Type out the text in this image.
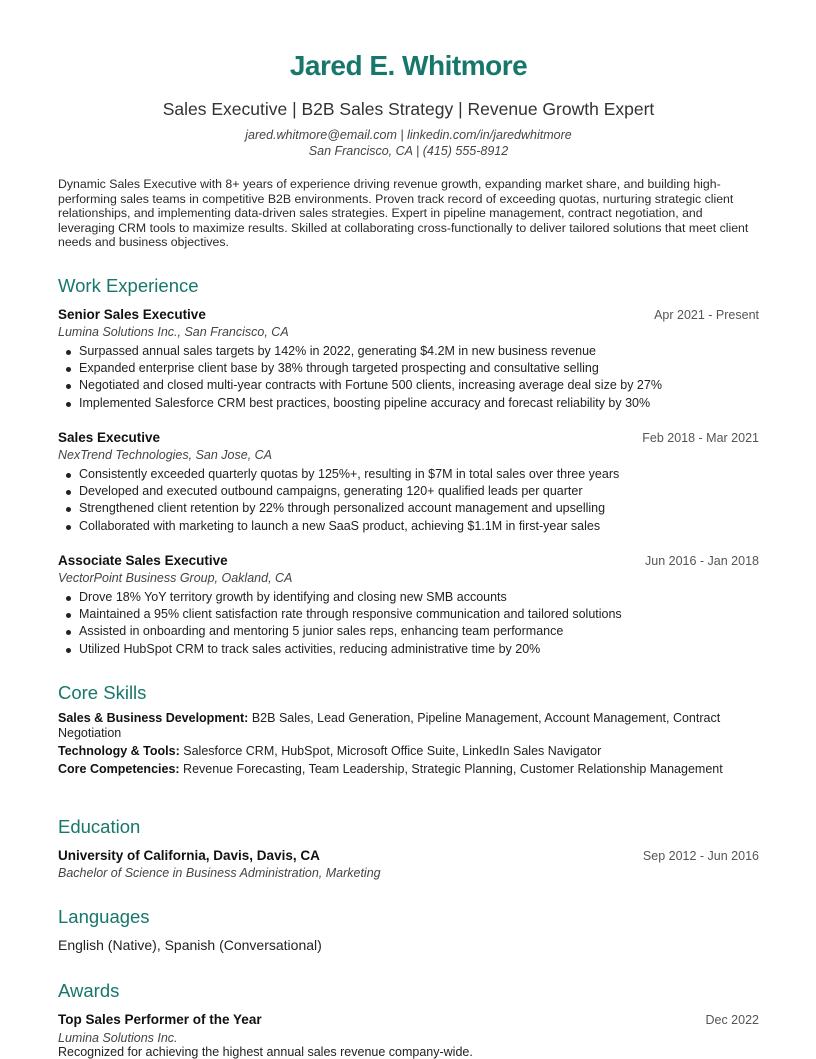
Jared E. Whitmore
Sales Executive | B2B Sales Strategy | Revenue Growth Expert
jared.whitmore@email.com | linkedin.com/in/jaredwhitmore
San Francisco, CA | (415) 555-8912
Dynamic Sales Executive with 8+ years of experience driving revenue growth, expanding market share, and building high-performing sales teams in competitive B2B environments. Proven track record of exceeding quotas, nurturing strategic client relationships, and implementing data-driven sales strategies. Expert in pipeline management, contract negotiation, and leveraging CRM tools to maximize results. Skilled at collaborating cross-functionally to deliver tailored solutions that meet client needs and business objectives.
Work Experience
Senior Sales Executive	Apr 2021 - Present
Lumina Solutions Inc., San Francisco, CA
Surpassed annual sales targets by 142% in 2022, generating $4.2M in new business revenue
Expanded enterprise client base by 38% through targeted prospecting and consultative selling
Negotiated and closed multi-year contracts with Fortune 500 clients, increasing average deal size by 27%
Implemented Salesforce CRM best practices, boosting pipeline accuracy and forecast reliability by 30%
Sales Executive	Feb 2018 - Mar 2021
NexTrend Technologies, San Jose, CA
Consistently exceeded quarterly quotas by 125%+, resulting in $7M in total sales over three years
Developed and executed outbound campaigns, generating 120+ qualified leads per quarter
Strengthened client retention by 22% through personalized account management and upselling
Collaborated with marketing to launch a new SaaS product, achieving $1.1M in first-year sales
Associate Sales Executive	Jun 2016 - Jan 2018
VectorPoint Business Group, Oakland, CA
Drove 18% YoY territory growth by identifying and closing new SMB accounts
Maintained a 95% client satisfaction rate through responsive communication and tailored solutions
Assisted in onboarding and mentoring 5 junior sales reps, enhancing team performance
Utilized HubSpot CRM to track sales activities, reducing administrative time by 20%
Core Skills
Sales & Business Development: B2B Sales, Lead Generation, Pipeline Management, Account Management, Contract Negotiation
Technology & Tools: Salesforce CRM, HubSpot, Microsoft Office Suite, LinkedIn Sales Navigator
Core Competencies: Revenue Forecasting, Team Leadership, Strategic Planning, Customer Relationship Management
Education
University of California, Davis, Davis, CA	Sep 2012 - Jun 2016
Bachelor of Science in Business Administration, Marketing
Languages
English (Native), Spanish (Conversational)
Awards
Top Sales Performer of the Year	Dec 2022
Lumina Solutions Inc.
Recognized for achieving the highest annual sales revenue company-wide.
